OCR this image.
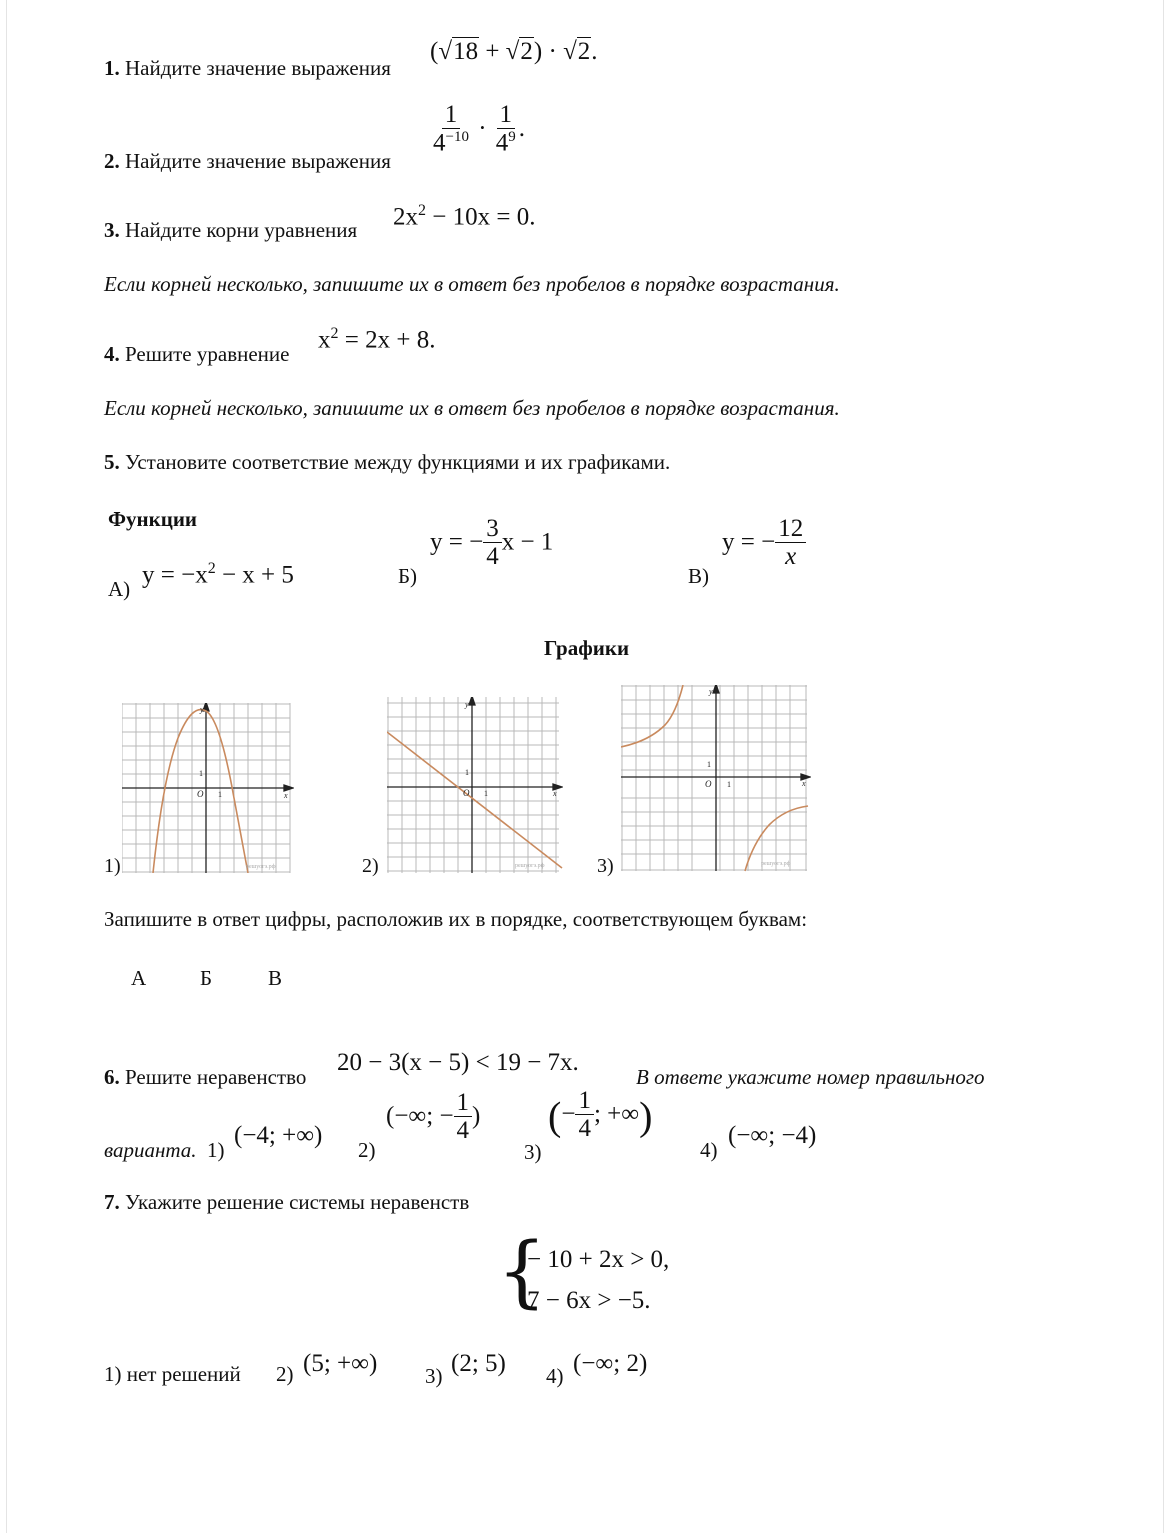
1. Найдите значение выражения
(√18 + √2) · √2.
2. Найдите значение выражения
$\frac{1}{4^{-10}} \cdot \frac{1}{4^9}$ .
3. Найдите корни уравнения $2x^2 - 10x = 0$.
Если корней несколько, запишите их в ответ без пробелов в порядке возрастания.
4. Решите уравнение
$x^2 = 2x + 8$.
Если корней несколько, запишите их в ответ без пробелов в порядке возрастания.
5. Установите соответствие между функциями и их графиками.
Функции
А)
$y = -x^2 - x + 5$	Б)
y = − $\frac{3}{4}$ x − 1
В)
y = − $\frac{12}{x}$
Графики
1)
y
x
O 1
1
решуогэ.рф	2)
y
x
O 1
1
решуогэ.рф	3)
y
x
O 1
1
решуогэ.рф
Запишите в ответ цифры, расположив их в порядке, соответствующем буквам:
А	Б	В
6. Решите неравенство
20 − 3(x − 5) < 19 − 7x.
В ответе укажите номер правильного
варианта. 1)
(−4; +∞)
2)
(−∞; − $\frac{1}{4}$ )
3)
(− $\frac{1}{4}$ ; +∞)
4)
(−∞; −4)
7. Укажите решение системы неравенств
{
− 10 + 2x > 0,
7 − 6x > −5.
1) нет решений 2) (5; +∞) 3) (2; 5) 4) (−∞; 2)
